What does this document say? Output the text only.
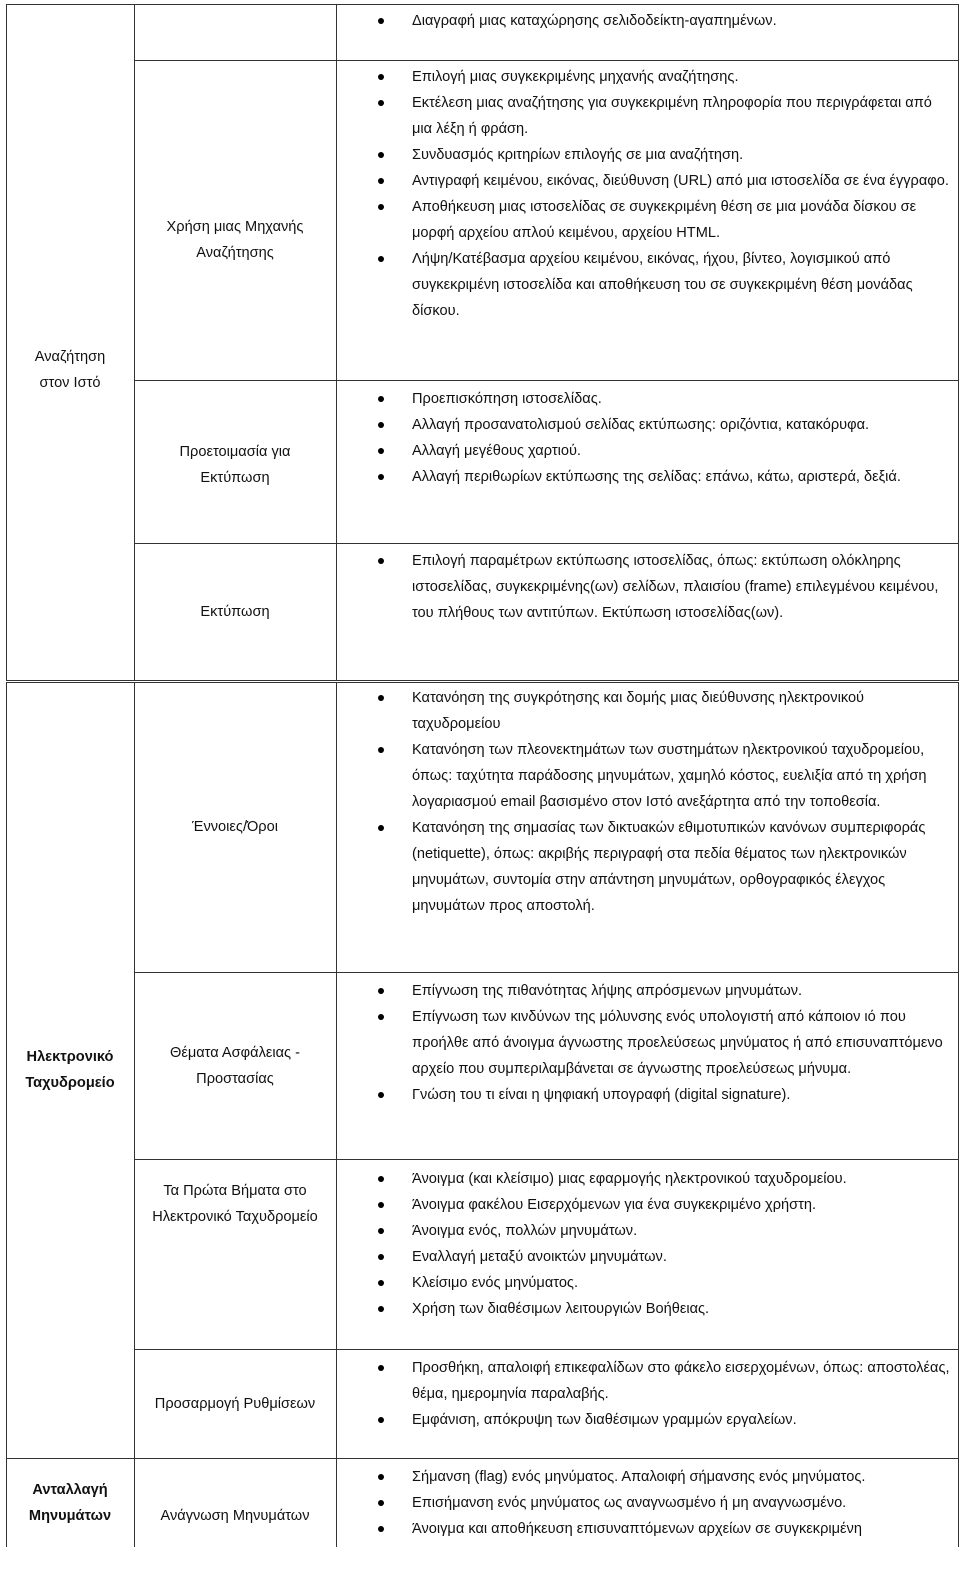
Αναζήτηση στον Ιστό
Ηλεκτρονικό Ταχυδρομείο
Ανταλλαγή Μηνυμάτων
Χρήση μιας Μηχανής Αναζήτησης
Προετοιμασία για Εκτύπωση
Εκτύπωση
Έννοιες/Όροι
Θέματα Ασφάλειας - Προστασίας
Τα Πρώτα Βήματα στο Ηλεκτρονικό Ταχυδρομείο
Προσαρμογή Ρυθμίσεων
Ανάγνωση Μηνυμάτων
Διαγραφή μιας καταχώρησης σελιδοδείκτη-αγαπημένων.
Επιλογή μιας συγκεκριμένης μηχανής αναζήτησης.
Εκτέλεση μιας αναζήτησης για συγκεκριμένη πληροφορία που περιγράφεται από μια λέξη ή φράση.
Συνδυασμός κριτηρίων επιλογής σε μια αναζήτηση.
Αντιγραφή κειμένου, εικόνας, διεύθυνση (URL) από μια ιστοσελίδα σε ένα έγγραφο.
Αποθήκευση μιας ιστοσελίδας σε συγκεκριμένη θέση σε μια μονάδα δίσκου σε μορφή αρχείου απλού κειμένου, αρχείου HTML.
Λήψη/Κατέβασμα αρχείου κειμένου, εικόνας, ήχου, βίντεο, λογισμικού από συγκεκριμένη ιστοσελίδα και αποθήκευση του σε συγκεκριμένη θέση μονάδας δίσκου.
Προεπισκόπηση ιστοσελίδας.
Αλλαγή προσανατολισμού σελίδας εκτύπωσης: οριζόντια, κατακόρυφα.
Αλλαγή μεγέθους χαρτιού.
Αλλαγή περιθωρίων εκτύπωσης της σελίδας: επάνω, κάτω, αριστερά, δεξιά.
Επιλογή παραμέτρων εκτύπωσης ιστοσελίδας, όπως: εκτύπωση ολόκληρης ιστοσελίδας, συγκεκριμένης(ων) σελίδων, πλαισίου (frame) επιλεγμένου κειμένου, του πλήθους των αντιτύπων. Εκτύπωση ιστοσελίδας(ων).
Κατανόηση της συγκρότησης και δομής μιας διεύθυνσης ηλεκτρονικού ταχυδρομείου
Κατανόηση των πλεονεκτημάτων των συστημάτων ηλεκτρονικού ταχυδρομείου, όπως: ταχύτητα παράδοσης μηνυμάτων, χαμηλό κόστος, ευελιξία από τη χρήση λογαριασμού email βασισμένο στον Ιστό ανεξάρτητα από την τοποθεσία.
Κατανόηση της σημασίας των δικτυακών εθιμοτυπικών κανόνων συμπεριφοράς (netiquette), όπως: ακριβής περιγραφή στα πεδία θέματος των ηλεκτρονικών μηνυμάτων, συντομία στην απάντηση μηνυμάτων, ορθογραφικός έλεγχος μηνυμάτων προς αποστολή.
Επίγνωση της πιθανότητας λήψης απρόσμενων μηνυμάτων.
Επίγνωση των κινδύνων της μόλυνσης ενός υπολογιστή από κάποιον ιό που προήλθε από άνοιγμα άγνωστης προελεύσεως μηνύματος ή από επισυναπτόμενο αρχείο που συμπεριλαμβάνεται σε άγνωστης προελεύσεως μήνυμα.
Γνώση του τι είναι η ψηφιακή υπογραφή (digital signature).
Άνοιγμα (και κλείσιμο) μιας εφαρμογής ηλεκτρονικού ταχυδρομείου.
Άνοιγμα φακέλου Εισερχόμενων για ένα συγκεκριμένο χρήστη.
Άνοιγμα ενός, πολλών μηνυμάτων.
Εναλλαγή μεταξύ ανοικτών μηνυμάτων.
Κλείσιμο ενός μηνύματος.
Χρήση των διαθέσιμων λειτουργιών Βοήθειας.
Προσθήκη, απαλοιφή επικεφαλίδων στο φάκελο εισερχομένων, όπως: αποστολέας, θέμα, ημερομηνία παραλαβής.
Εμφάνιση, απόκρυψη των διαθέσιμων γραμμών εργαλείων.
Σήμανση (flag) ενός μηνύματος. Απαλοιφή σήμανσης ενός μηνύματος.
Επισήμανση ενός μηνύματος ως αναγνωσμένο ή μη αναγνωσμένο.
Άνοιγμα και αποθήκευση επισυναπτόμενων αρχείων σε συγκεκριμένη
